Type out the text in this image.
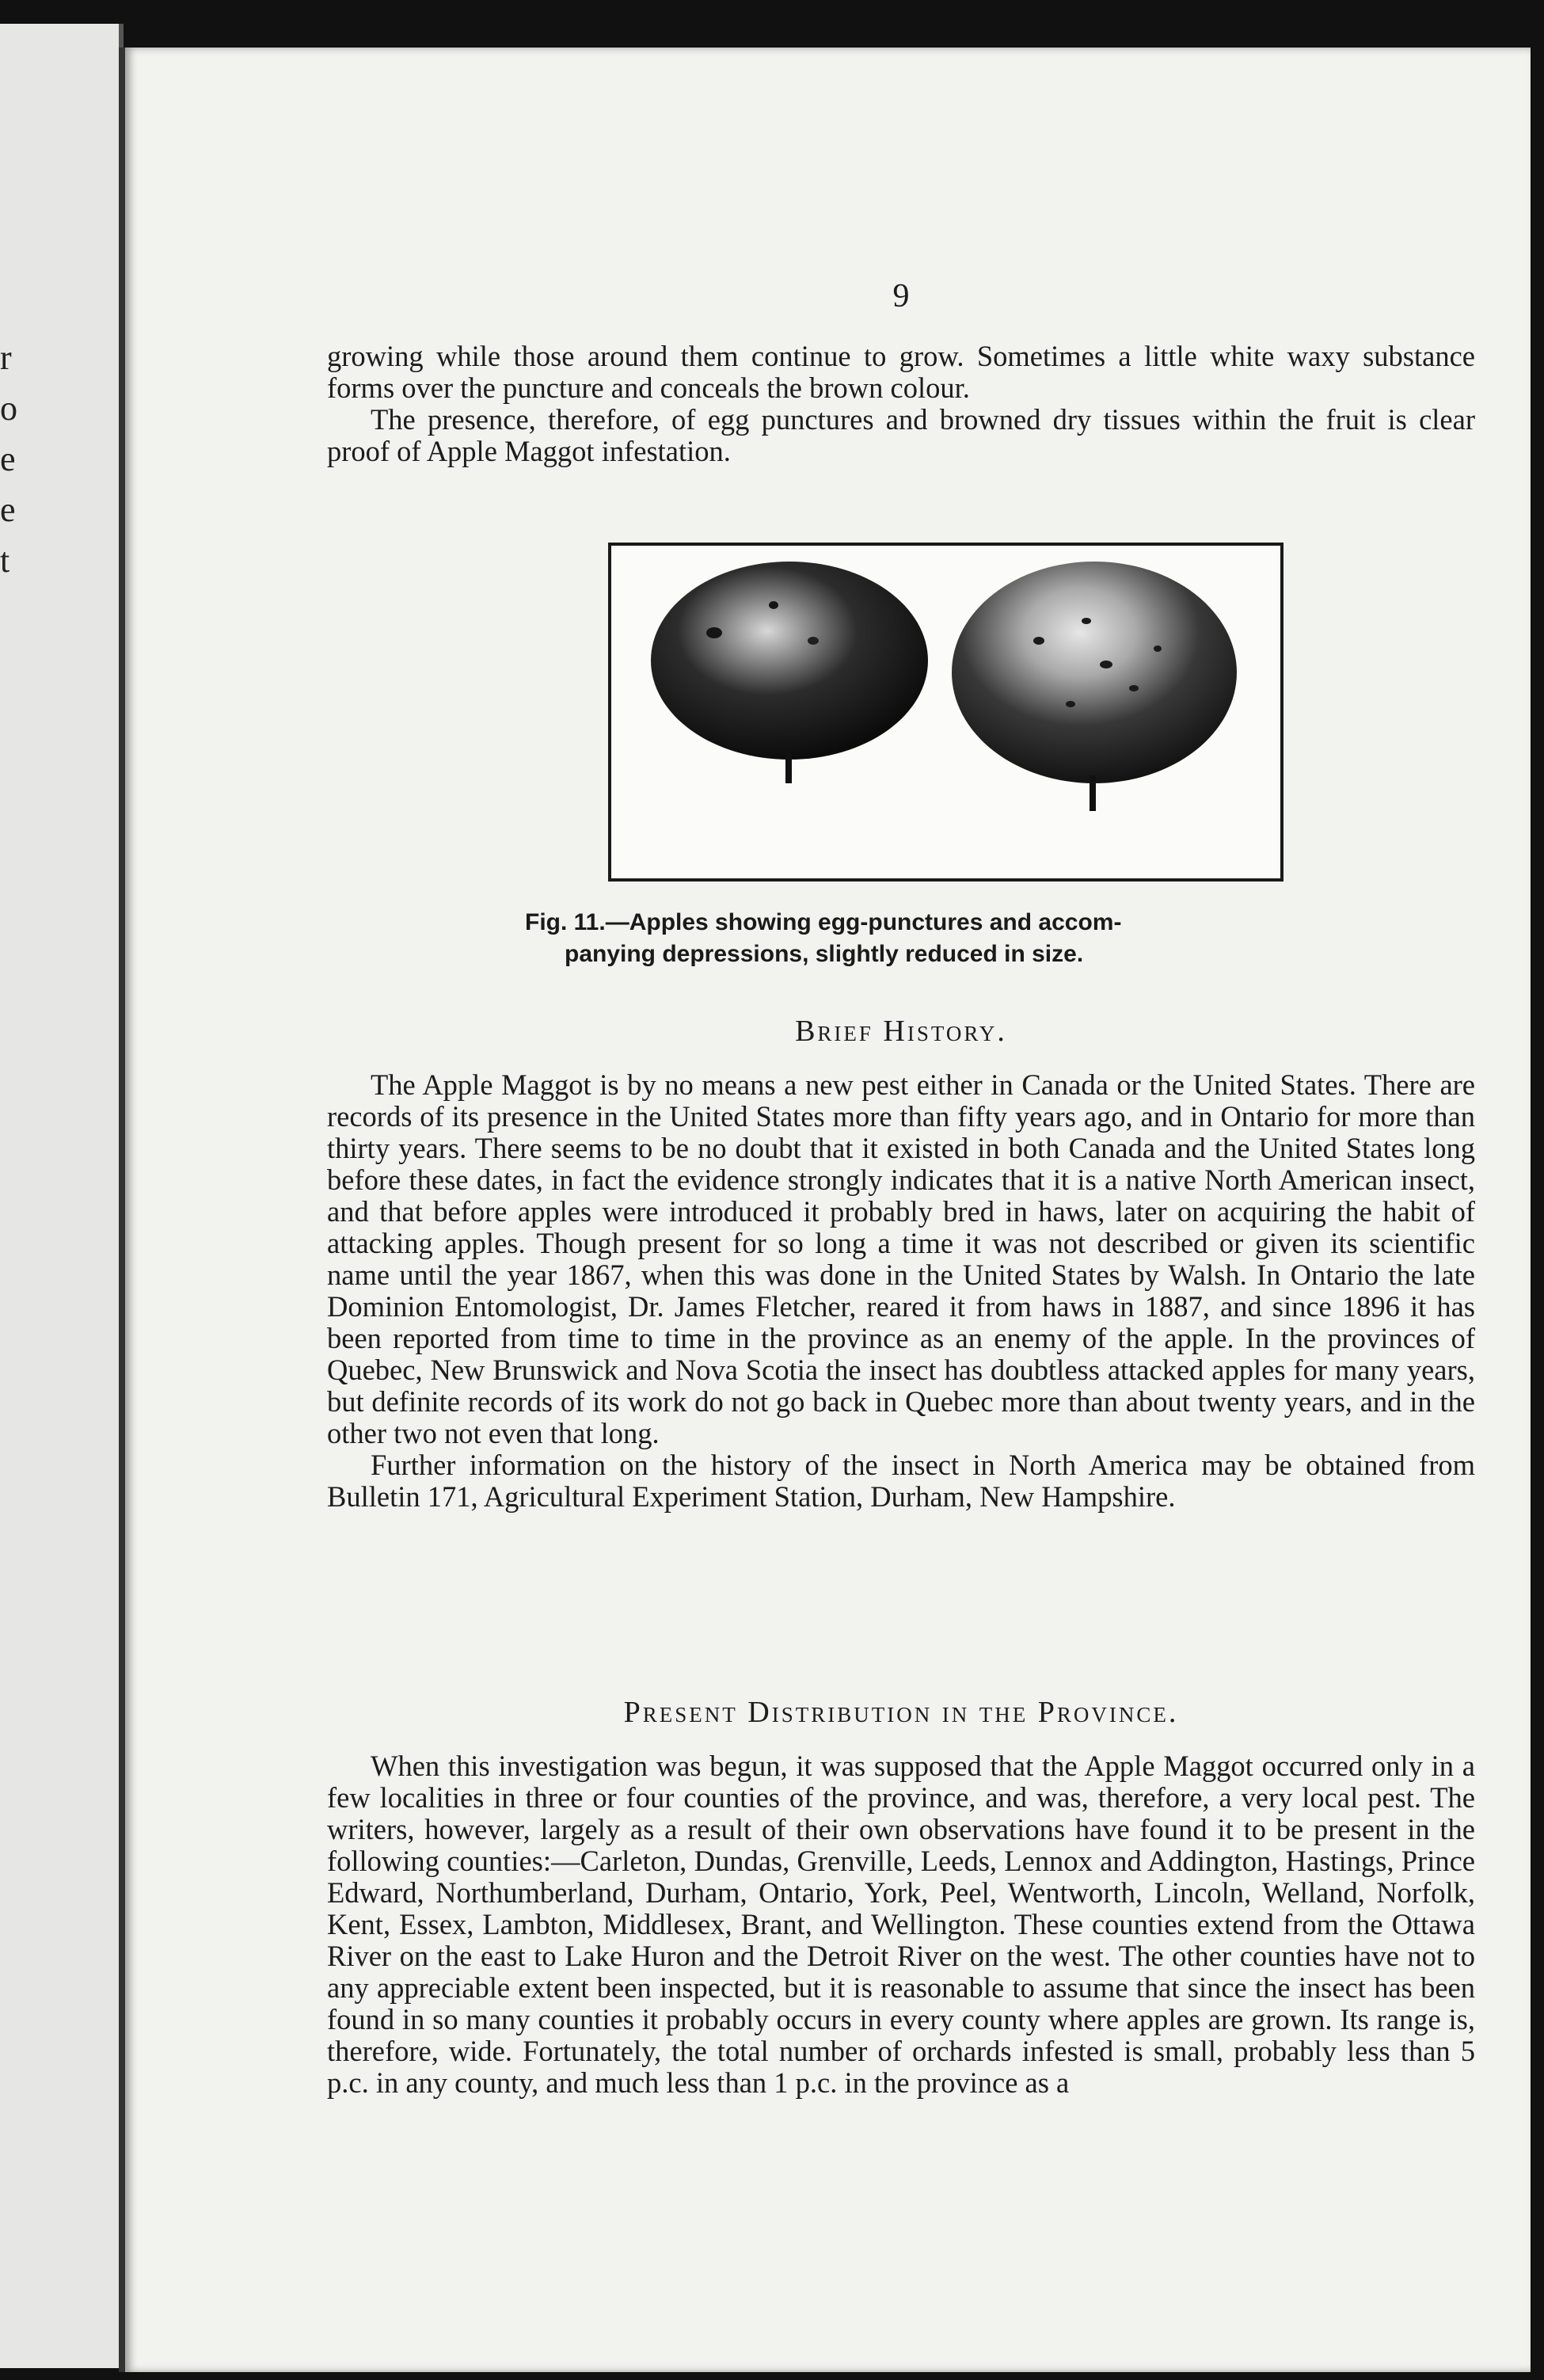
r
o
e
e
t
9

growing while those around them continue to grow. Sometimes a little white waxy substance forms over the puncture and conceals the brown colour.

The presence, therefore, of egg punctures and browned dry tissues within the fruit is clear proof of Apple Maggot infestation.

Fig. 11.—Apples showing egg-punctures and accom-
panying depressions, slightly reduced in size.
Brief History.

The Apple Maggot is by no means a new pest either in Canada or the United States. There are records of its presence in the United States more than fifty years ago, and in Ontario for more than thirty years. There seems to be no doubt that it existed in both Canada and the United States long before these dates, in fact the evidence strongly indicates that it is a native North American insect, and that before apples were introduced it probably bred in haws, later on acquiring the habit of attacking apples. Though present for so long a time it was not described or given its scientific name until the year 1867, when this was done in the United States by Walsh. In Ontario the late Dominion Entomologist, Dr. James Fletcher, reared it from haws in 1887, and since 1896 it has been reported from time to time in the province as an enemy of the apple. In the provinces of Quebec, New Brunswick and Nova Scotia the insect has doubtless attacked apples for many years, but definite records of its work do not go back in Quebec more than about twenty years, and in the other two not even that long.

Further information on the history of the insect in North America may be obtained from Bulletin 171, Agricultural Experiment Station, Durham, New Hampshire.

Present Distribution in the Province.

When this investigation was begun, it was supposed that the Apple Maggot occurred only in a few localities in three or four counties of the province, and was, therefore, a very local pest. The writers, however, largely as a result of their own observations have found it to be present in the following counties:—Carleton, Dundas, Grenville, Leeds, Lennox and Addington, Hastings, Prince Edward, Northumberland, Durham, Ontario, York, Peel, Wentworth, Lincoln, Welland, Norfolk, Kent, Essex, Lambton, Middlesex, Brant, and Wellington. These counties extend from the Ottawa River on the east to Lake Huron and the Detroit River on the west. The other counties have not to any appreciable extent been inspected, but it is reasonable to assume that since the insect has been found in so many counties it probably occurs in every county where apples are grown. Its range is, therefore, wide. Fortunately, the total number of orchards infested is small, probably less than 5 p.c. in any county, and much less than 1 p.c. in the province as a
